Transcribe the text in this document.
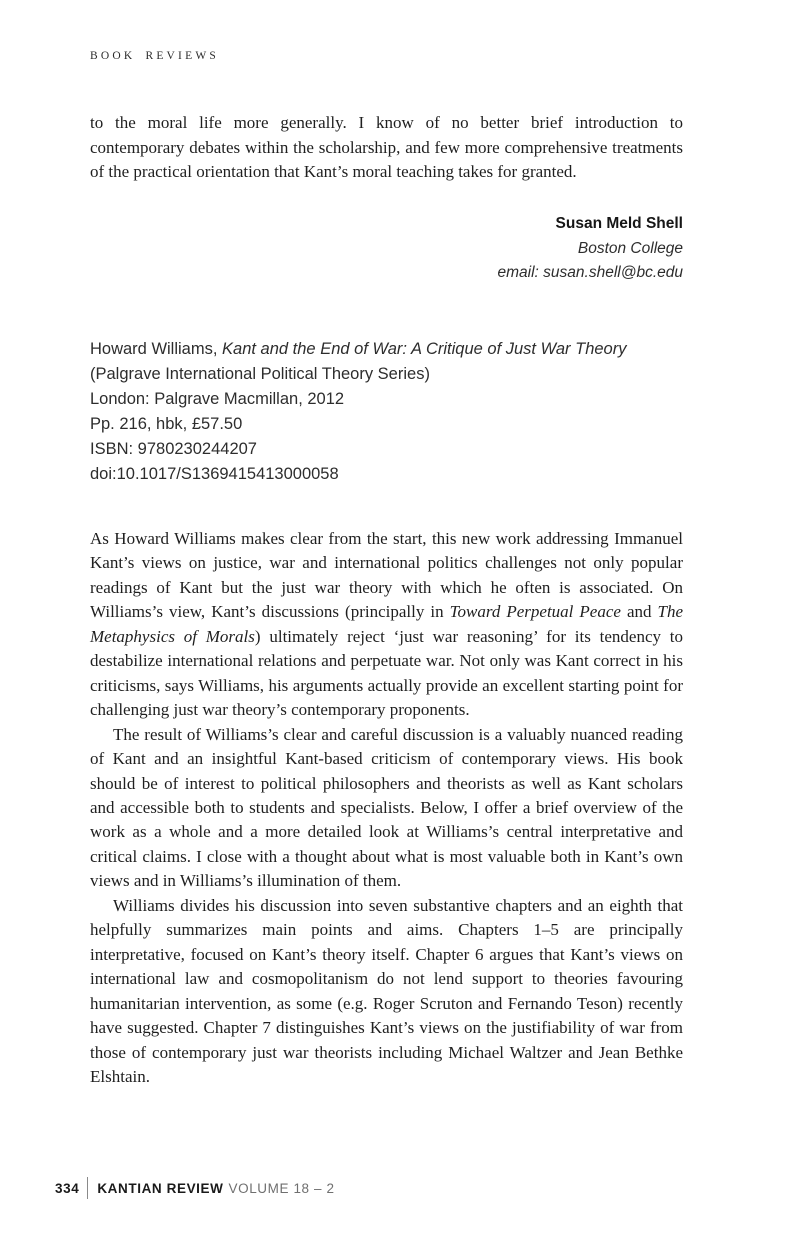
BOOK REVIEWS

to the moral life more generally. I know of no better brief introduction to contemporary debates within the scholarship, and few more comprehensive treatments of the practical orientation that Kant’s moral teaching takes for granted.

Susan Meld Shell
Boston College
email: susan.shell@bc.edu
Howard Williams, Kant and the End of War: A Critique of Just War Theory
(Palgrave International Political Theory Series)
London: Palgrave Macmillan, 2012
Pp. 216, hbk, £57.50
ISBN: 9780230244207
doi:10.1017/S1369415413000058

As Howard Williams makes clear from the start, this new work addressing Immanuel Kant’s views on justice, war and international politics challenges not only popular readings of Kant but the just war theory with which he often is associated. On Williams’s view, Kant’s discussions (principally in Toward Perpetual Peace and The Metaphysics of Morals) ultimately reject ‘just war reasoning’ for its tendency to destabilize international relations and perpetuate war. Not only was Kant correct in his criticisms, says Williams, his arguments actually provide an excellent starting point for challenging just war theory’s contemporary proponents.

The result of Williams’s clear and careful discussion is a valuably nuanced reading of Kant and an insightful Kant-based criticism of contemporary views. His book should be of interest to political philosophers and theorists as well as Kant scholars and accessible both to students and specialists. Below, I offer a brief overview of the work as a whole and a more detailed look at Williams’s central interpretative and critical claims. I close with a thought about what is most valuable both in Kant’s own views and in Williams’s illumination of them.

Williams divides his discussion into seven substantive chapters and an eighth that helpfully summarizes main points and aims. Chapters 1–5 are principally interpretative, focused on Kant’s theory itself. Chapter 6 argues that Kant’s views on international law and cosmopolitanism do not lend support to theories favouring humanitarian intervention, as some (e.g. Roger Scruton and Fernando Teson) recently have suggested. Chapter 7 distinguishes Kant’s views on the justifiability of war from those of contemporary just war theorists including Michael Waltzer and Jean Bethke Elshtain.

334 KANTIAN REVIEW VOLUME 18 – 2
